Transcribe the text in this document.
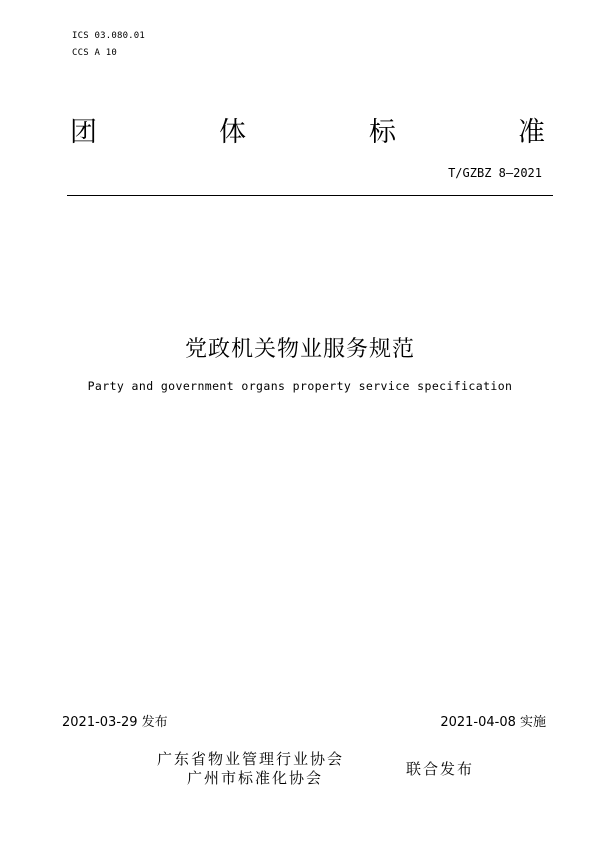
ICS 03.080.01
CCS A 10
团	体	标	准
T/GZBZ 8—2021
党政机关物业服务规范
Party and government organs property service specification
2021-03-29 发布	2021-04-08 实施
广东省物业管理行业协会
广州市标准化协会	联合发布
